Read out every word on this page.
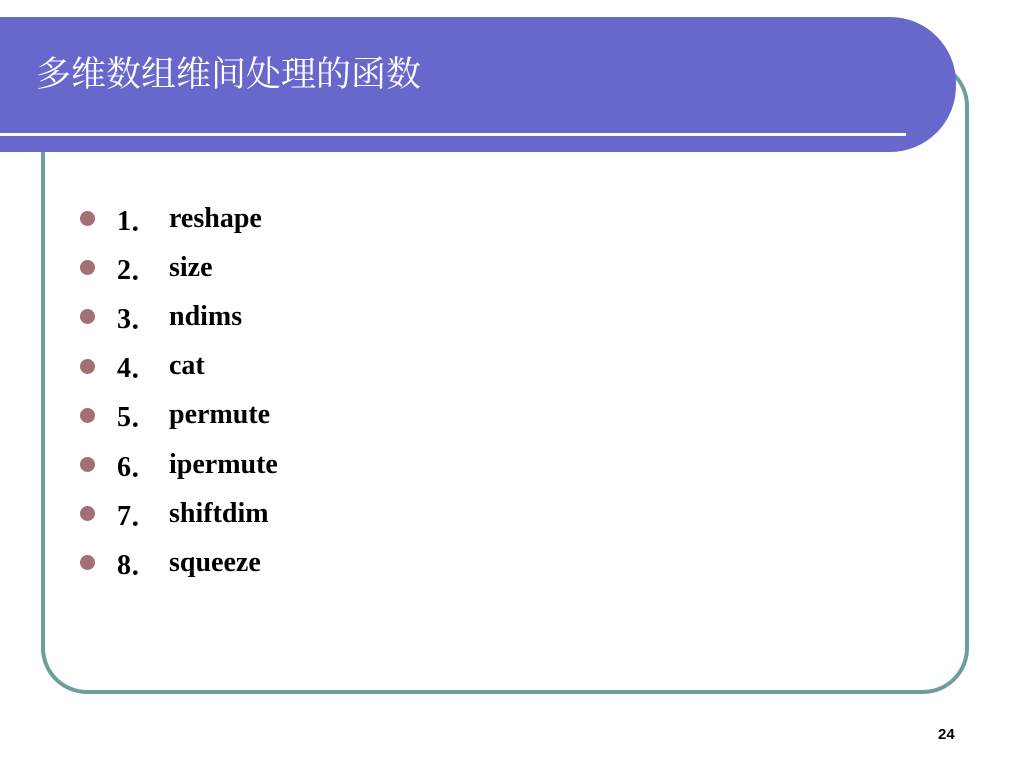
多维数组维间处理的函数
1． reshape
2． size
3． ndims
4． cat
5． permute
6． ipermute
7． shiftdim
8． squeeze
24
